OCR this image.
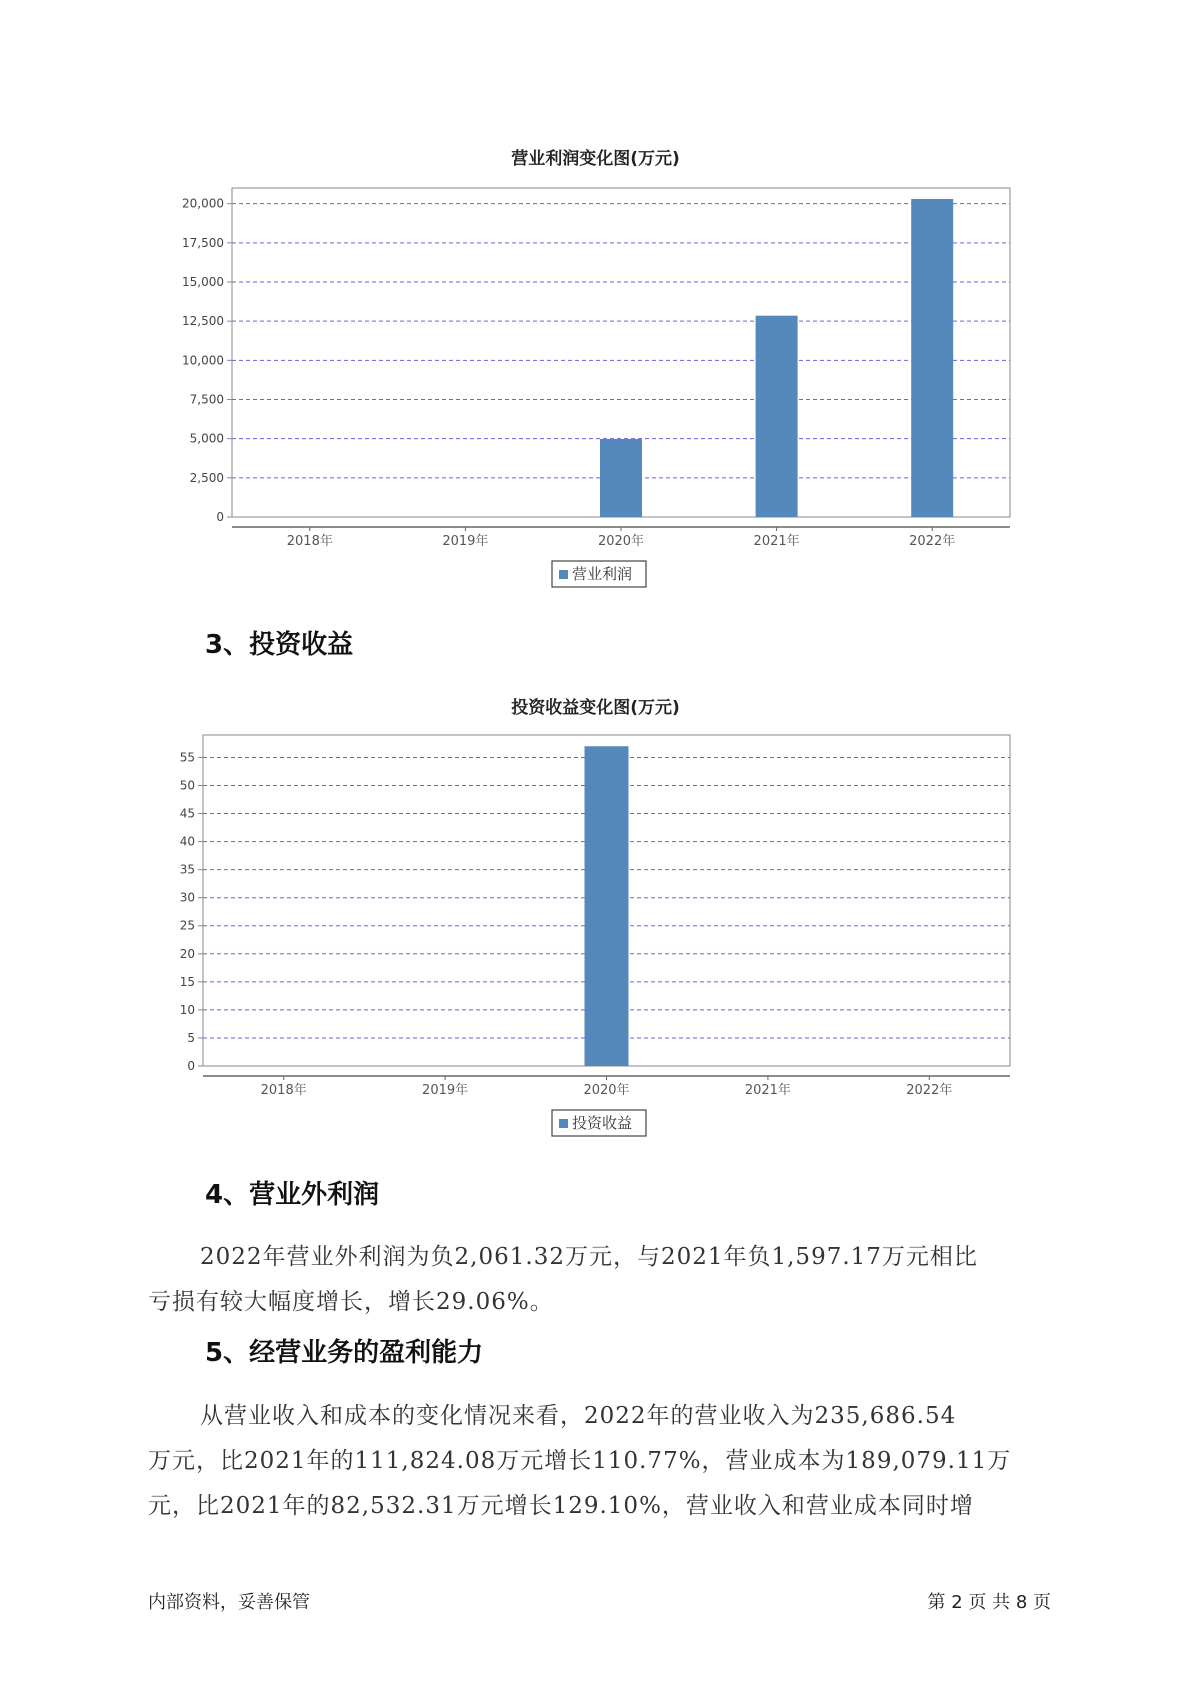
营业利润变化图(万元)
0
2,500
5,000
7,500
10,000
12,500
15,000
17,500
20,000
2018年	2019年	2020年	2021年	2022年
营业利润
3、投资收益
投资收益变化图(万元)
0
5
10
15
20
25
30
35
40
45
50
55
2018年	2019年	2020年	2021年	2022年
投资收益
4、营业外利润
2022年营业外利润为负2,061.32万元，与2021年负1,597.17万元相比
亏损有较大幅度增长，增长29.06%。
5、经营业务的盈利能力
从营业收入和成本的变化情况来看，2022年的营业收入为235,686.54
万元，比2021年的111,824.08万元增长110.77%，营业成本为189,079.11万
元，比2021年的82,532.31万元增长129.10%，营业收入和营业成本同时增
内部资料，妥善保管	第 2 页 共 8 页
